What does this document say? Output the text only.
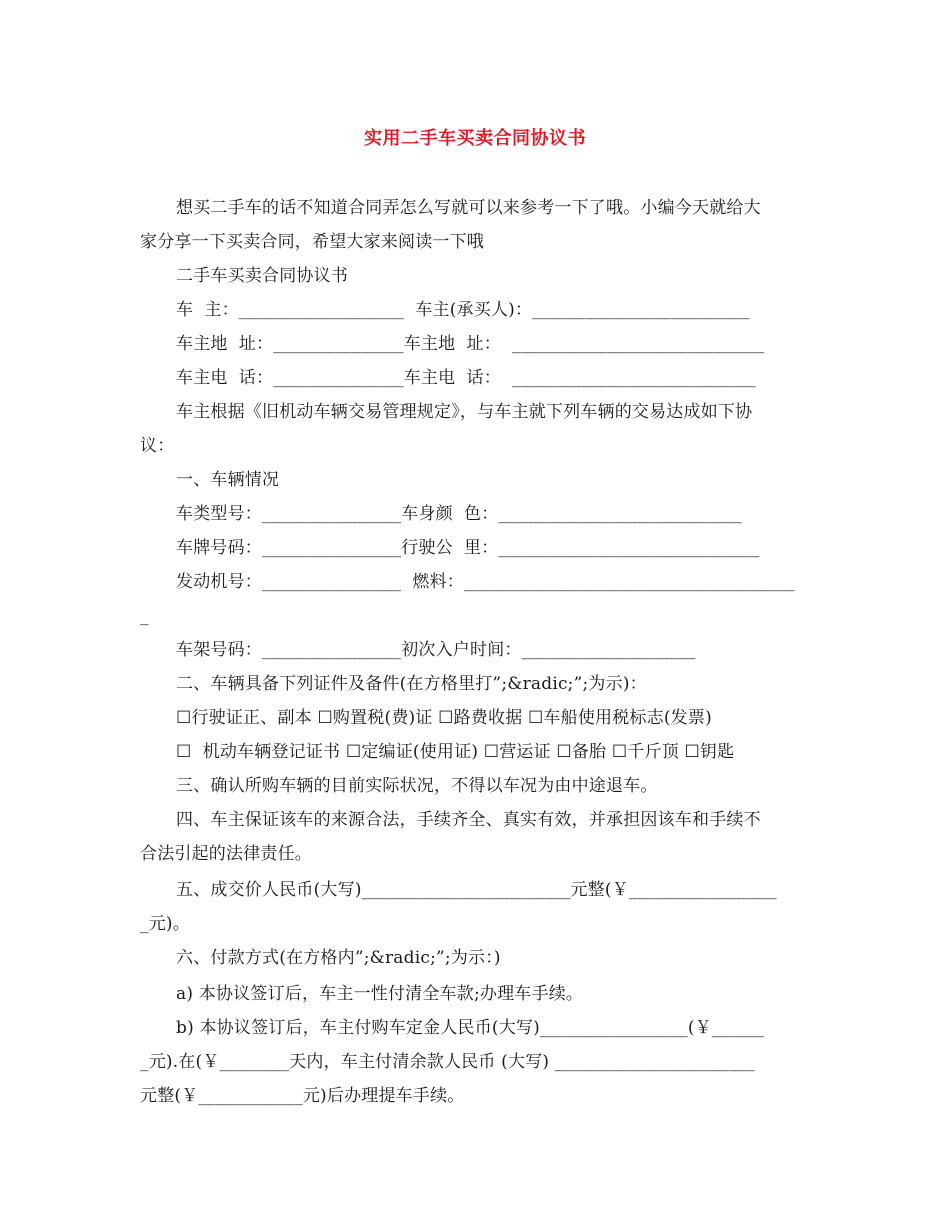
实用二手车买卖合同协议书
想买二手车的话不知道合同弄怎么写就可以来参考一下了哦。小编今天就给大
家分享一下买卖合同，希望大家来阅读一下哦
二手车买卖合同协议书
车  主：___________________  车主(承买人)：_________________________
车主地  址：_______________车主地  址：  _____________________________
车主电  话：_______________车主电  话：  ____________________________
车主根据《旧机动车辆交易管理规定》，与车主就下列车辆的交易达成如下协
议：
一、车辆情况
车类型号：________________车身颜  色：____________________________
车牌号码：________________行驶公  里：______________________________
发动机号：________________  燃料：______________________________________
_
车架号码：________________初次入户时间：____________________
二、车辆具备下列证件及备件(在方格里打”;&radic;”;为示)：
☐行驶证正、副本 ☐购置税(费)证 ☐路费收据 ☐车船使用税标志(发票)
☐  机动车辆登记证书 ☐定编证(使用证) ☐营运证 ☐备胎 ☐千斤顶 ☐钥匙
三、确认所购车辆的目前实际状况，不得以车况为由中途退车。
四、车主保证该车的来源合法，手续齐全、真实有效，并承担因该车和手续不
合法引起的法律责任。
五、成交价人民币(大写)________________________元整(￥_________________
_元)。
六、付款方式(在方格内”;&radic;”;为示：)
a) 本协议签订后，车主一性付清全车款;办理车手续。
b) 本协议签订后，车主付购车定金人民币(大写)_________________(￥______
_元).在(￥________天内，车主付清余款人民币 (大写) _______________________
元整(￥____________元)后办理提车手续。
